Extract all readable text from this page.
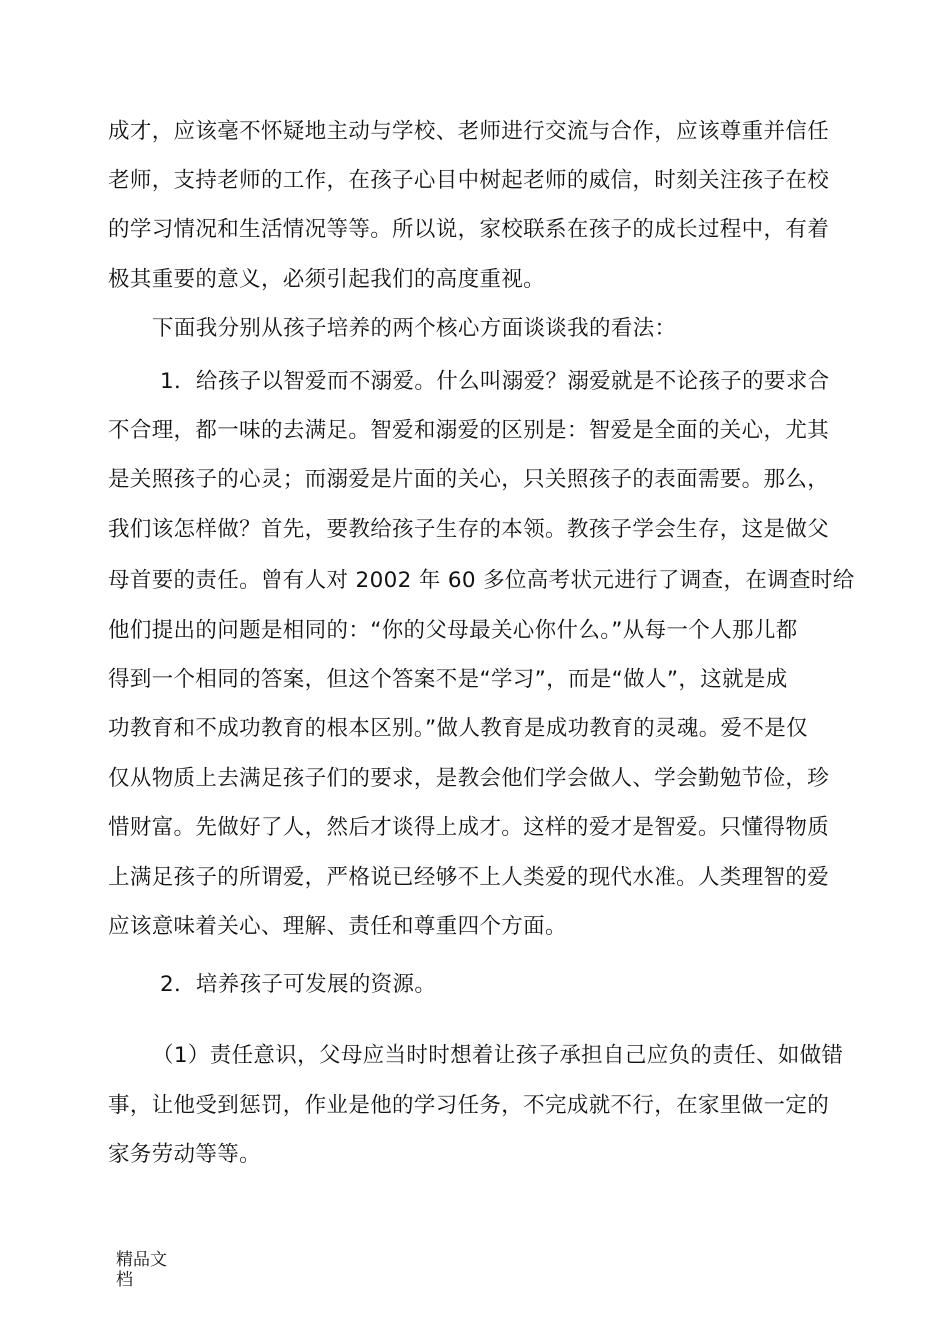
成才，应该毫不怀疑地主动与学校、老师进行交流与合作，应该尊重并信任
老师，支持老师的工作，在孩子心目中树起老师的威信，时刻关注孩子在校
的学习情况和生活情况等等。所以说，家校联系在孩子的成长过程中，有着
极其重要的意义，必须引起我们的高度重视。
下面我分别从孩子培养的两个核心方面谈谈我的看法：
1．给孩子以智爱而不溺爱。什么叫溺爱？溺爱就是不论孩子的要求合
不合理，都一味的去满足。智爱和溺爱的区别是：智爱是全面的关心，尤其
是关照孩子的心灵；而溺爱是片面的关心，只关照孩子的表面需要。那么，
我们该怎样做？首先，要教给孩子生存的本领。教孩子学会生存，这是做父
母首要的责任。曾有人对 2002 年 60 多位高考状元进行了调查，在调查时给
他们提出的问题是相同的：“你的父母最关心你什么。”从每一个人那儿都
得到一个相同的答案，但这个答案不是“学习”，而是“做人”，这就是成
功教育和不成功教育的根本区别。”做人教育是成功教育的灵魂。爱不是仅
仅从物质上去满足孩子们的要求，是教会他们学会做人、学会勤勉节俭，珍
惜财富。先做好了人，然后才谈得上成才。这样的爱才是智爱。只懂得物质
上满足孩子的所谓爱，严格说已经够不上人类爱的现代水准。人类理智的爱
应该意味着关心、理解、责任和尊重四个方面。
2．培养孩子可发展的资源。
（1）责任意识，父母应当时时想着让孩子承担自己应负的责任、如做错
事，让他受到惩罚，作业是他的学习任务，不完成就不行，在家里做一定的
家务劳动等等。
精品文
档
